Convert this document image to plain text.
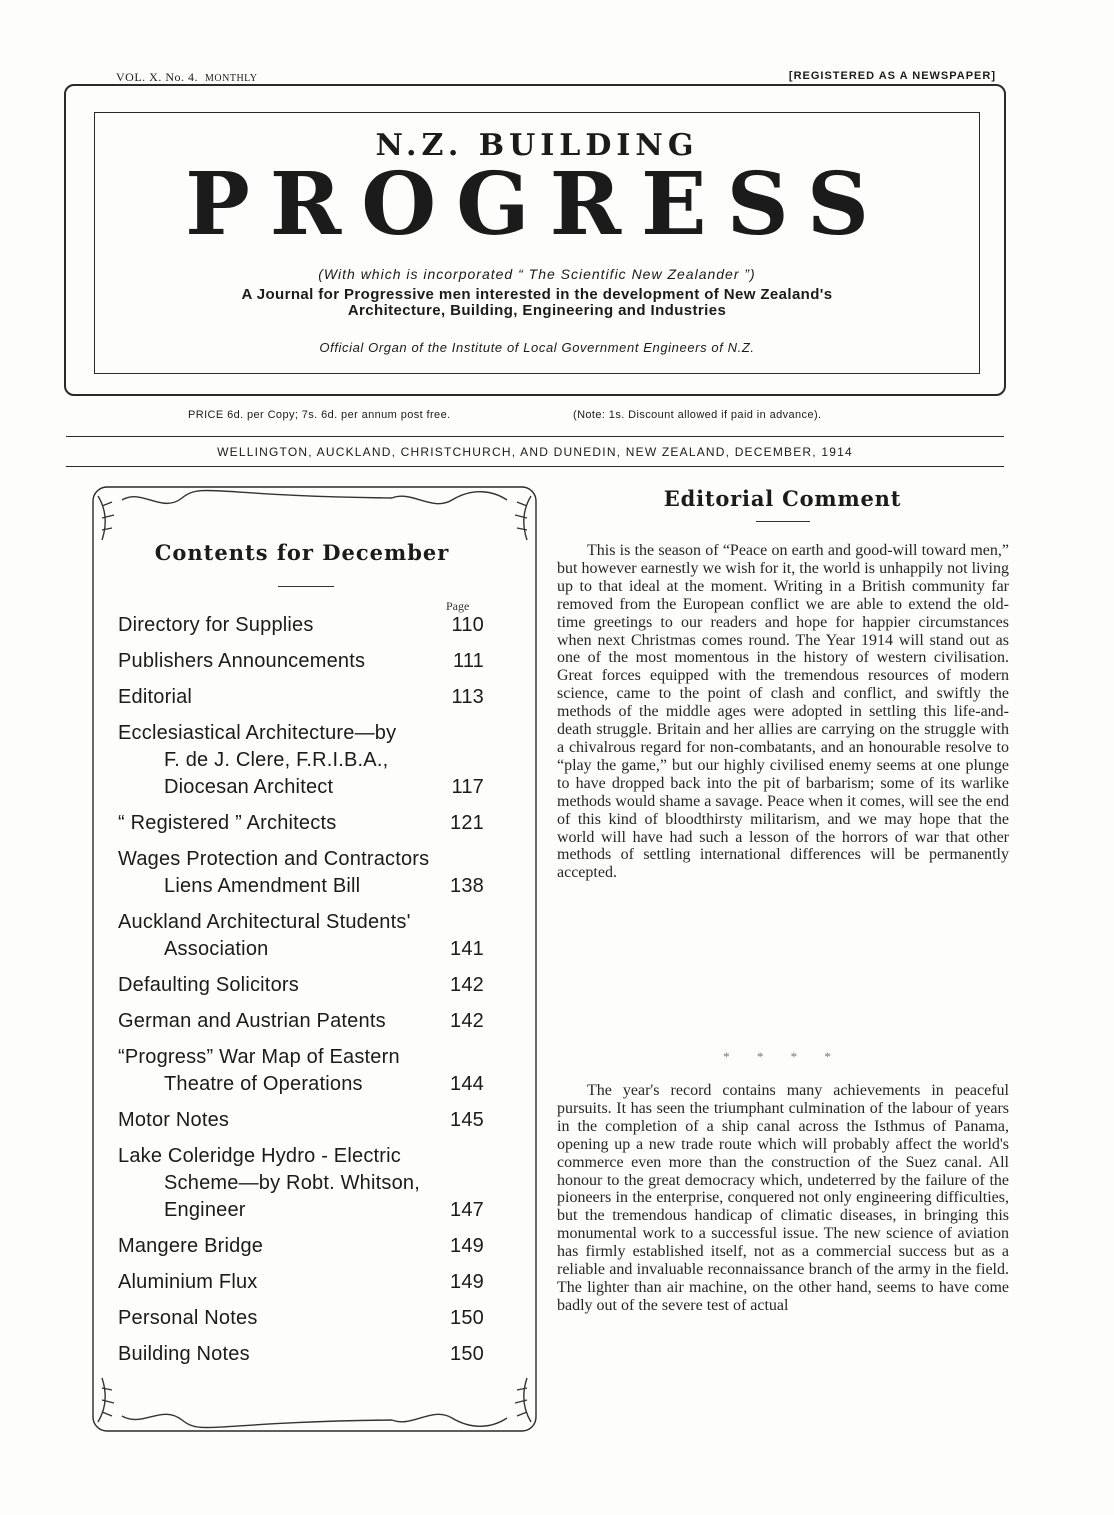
VOL. X. No. 4. MONTHLY	[REGISTERED AS A NEWSPAPER]
N.Z. BUILDING
PROGRESS
(With which is incorporated “ The Scientific New Zealander ”)
A Journal for Progressive men interested in the development of New Zealand's
Architecture, Building, Engineering and Industries
Official Organ of the Institute of Local Government Engineers of N.Z.
PRICE 6d. per Copy; 7s. 6d. per annum post free.	(Note: 1s. Discount allowed if paid in advance).
WELLINGTON, AUCKLAND, CHRISTCHURCH, AND DUNEDIN, NEW ZEALAND, DECEMBER, 1914
Contents for December
Page
Directory for Supplies	110
Publishers Announcements	111
Editorial	113
Ecclesiastical Architecture—by
F. de J. Clere, F.R.I.B.A.,
Diocesan Architect	117
“ Registered ” Architects	121
Wages Protection and Contractors
Liens Amendment Bill	138
Auckland Architectural Students'
Association	141
Defaulting Solicitors	142
German and Austrian Patents	142
“Progress” War Map of Eastern
Theatre of Operations	144
Motor Notes	145
Lake Coleridge Hydro - Electric
Scheme—by Robt. Whitson,
Engineer	147
Mangere Bridge	149
Aluminium Flux	149
Personal Notes	150
Building Notes	150
Editorial Comment

This is the season of “Peace on earth and good-will toward men,” but however earnestly we wish for it, the world is unhappily not living up to that ideal at the moment. Writing in a British community far removed from the European conflict we are able to extend the old-time greetings to our readers and hope for happier circumstances when next Christmas comes round. The Year 1914 will stand out as one of the most momentous in the history of western civilisation. Great forces equipped with the tremendous resources of modern science, came to the point of clash and conflict, and swiftly the methods of the middle ages were adopted in settling this life-and-death struggle. Britain and her allies are carrying on the struggle with a chivalrous regard for non-combatants, and an honourable resolve to “play the game,” but our highly civilised enemy seems at one plunge to have dropped back into the pit of barbarism; some of its warlike methods would shame a savage. Peace when it comes, will see the end of this kind of bloodthirsty militarism, and we may hope that the world will have had such a lesson of the horrors of war that other methods of settling international differences will be permanently accepted.

* * * *

The year's record contains many achievements in peaceful pursuits. It has seen the triumphant culmination of the labour of years in the completion of a ship canal across the Isthmus of Panama, opening up a new trade route which will probably affect the world's commerce even more than the construction of the Suez canal. All honour to the great democracy which, undeterred by the failure of the pioneers in the enterprise, conquered not only engineering difficulties, but the tremendous handicap of climatic diseases, in bringing this monumental work to a successful issue. The new science of aviation has firmly established itself, not as a commercial success but as a reliable and invaluable reconnaissance branch of the army in the field. The lighter than air machine, on the other hand, seems to have come badly out of the severe test of actual
